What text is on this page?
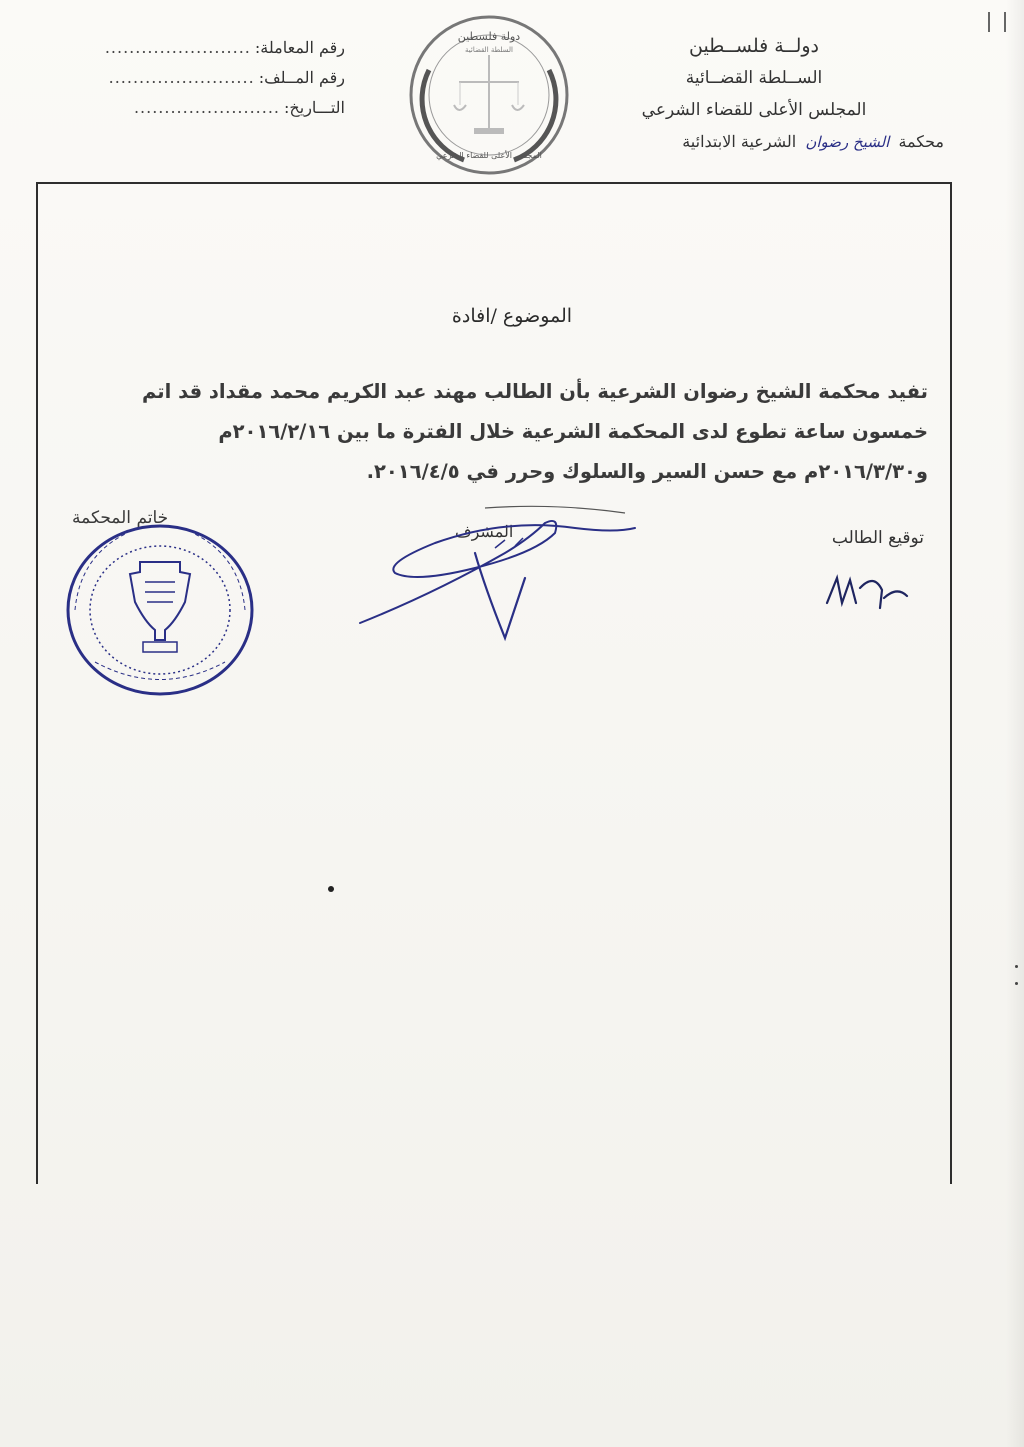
دولــة فلســطين
الســلطة القضــائية
المجلس الأعلى للقضاء الشرعي
محكمة الشيخ رضوان الشرعية الابتدائية
رقم المعاملة:
........................
رقم المــلف:
........................
التـــاريخ:
........................
دولة فلسطين
السلطة القضائية
المجلس الأعلى للقضاء الشرعي
الموضوع /افادة
تفيد محكمة الشيخ رضوان الشرعية بأن الطالب مهند عبد الكريم محمد مقداد قد اتم
خمسون ساعة تطوع لدى المحكمة الشرعية خلال الفترة ما بين ٢٠١٦/٢/١٦م
و٢٠١٦/٣/٣٠م مع حسن السير والسلوك وحرر في ٢٠١٦/٤/٥.
توقيع الطالب
المشرف
خاتم المحكمة
